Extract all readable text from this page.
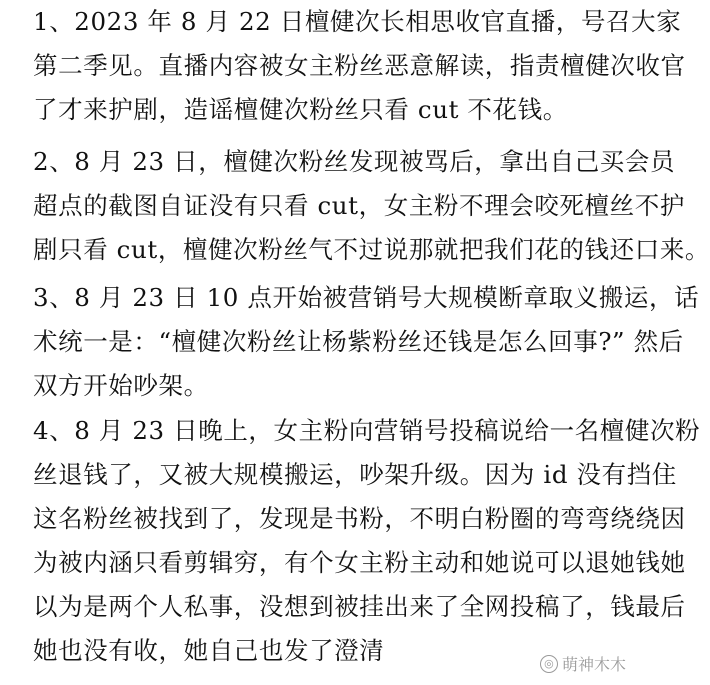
1、2023 年 8 月 22 日檀健次长相思收官直播，号召大家
第二季见。直播内容被女主粉丝恶意解读，指责檀健次收官
了才来护剧，造谣檀健次粉丝只看 cut 不花钱。
2、8 月 23 日，檀健次粉丝发现被骂后，拿出自己买会员
超点的截图自证没有只看 cut，女主粉不理会咬死檀丝不护
剧只看 cut，檀健次粉丝气不过说那就把我们花的钱还口来。
3、8 月 23 日 10 点开始被营销号大规模断章取义搬运，话
术统一是：“檀健次粉丝让杨紫粉丝还钱是怎么回事?” 然后
双方开始吵架。
4、8 月 23 日晚上，女主粉向营销号投稿说给一名檀健次粉
丝退钱了，又被大规模搬运，吵架升级。因为 id 没有挡住
这名粉丝被找到了，发现是书粉，不明白粉圈的弯弯绕绕因
为被内涵只看剪辑穷，有个女主粉主动和她说可以退她钱她
以为是两个人私事，没想到被挂出来了全网投稿了，钱最后
她也没有收，她自己也发了澄清	◎ 萌神木木
